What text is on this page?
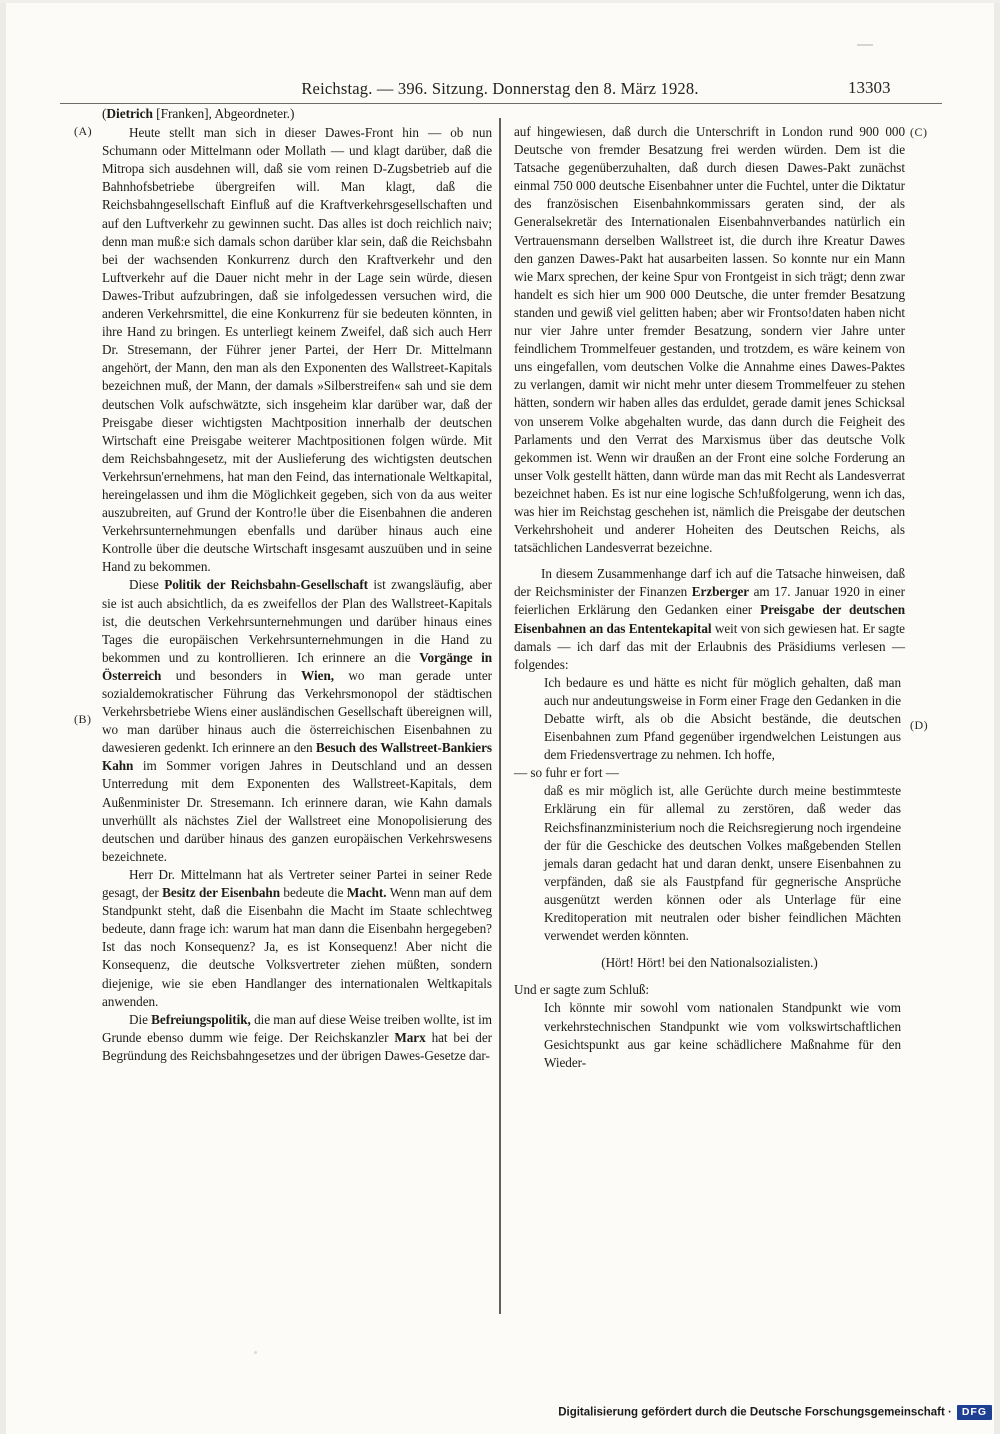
Reichstag. — 396. Sitzung. Donnerstag den 8. März 1928.	13303
(A)
(B)
(C)
(D)

(Dietrich [Franken], Abgeordneter.)

Heute stellt man sich in dieser Dawes-Front hin — ob nun Schumann oder Mittelmann oder Mollath — und klagt darüber, daß die Mitropa sich ausdehnen will, daß sie vom reinen D-Zugsbetrieb auf die Bahnhofsbetriebe übergreifen will. Man klagt, daß die Reichsbahngesellschaft Einfluß auf die Kraftverkehrsgesellschaften und auf den Luftverkehr zu gewinnen sucht. Das alles ist doch reichlich naiv; denn man muß:e sich damals schon darüber klar sein, daß die Reichsbahn bei der wachsenden Konkurrenz durch den Kraftverkehr und den Luftverkehr auf die Dauer nicht mehr in der Lage sein würde, diesen Dawes-Tribut aufzubringen, daß sie infolgedessen versuchen wird, die anderen Verkehrsmittel, die eine Konkurrenz für sie bedeuten könnten, in ihre Hand zu bringen. Es unterliegt keinem Zweifel, daß sich auch Herr Dr. Stresemann, der Führer jener Partei, der Herr Dr. Mittelmann angehört, der Mann, den man als den Exponenten des Wallstreet-Kapitals bezeichnen muß, der Mann, der damals »Silberstreifen« sah und sie dem deutschen Volk aufschwätzte, sich insgeheim klar darüber war, daß der Preisgabe dieser wichtigsten Machtposition innerhalb der deutschen Wirtschaft eine Preisgabe weiterer Machtpositionen folgen würde. Mit dem Reichsbahngesetz, mit der Auslieferung des wichtigsten deutschen Verkehrsun'ernehmens, hat man den Feind, das internationale Weltkapital, hereingelassen und ihm die Möglichkeit gegeben, sich von da aus weiter auszubreiten, auf Grund der Kontro!le über die Eisenbahnen die anderen Verkehrsunternehmungen ebenfalls und darüber hinaus auch eine Kontrolle über die deutsche Wirtschaft insgesamt auszuüben und in seine Hand zu bekommen.

Diese Politik der Reichsbahn-Gesellschaft ist zwangsläufig, aber sie ist auch absichtlich, da es zweifellos der Plan des Wallstreet-Kapitals ist, die deutschen Verkehrsunternehmungen und darüber hinaus eines Tages die europäischen Verkehrsunternehmungen in die Hand zu bekommen und zu kontrollieren. Ich erinnere an die Vorgänge in Österreich und besonders in Wien, wo man gerade unter sozialdemokratischer Führung das Verkehrsmonopol der städtischen Verkehrsbetriebe Wiens einer ausländischen Gesellschaft übereignen will, wo man darüber hinaus auch die österreichischen Eisenbahnen zu dawesieren gedenkt. Ich erinnere an den Besuch des Wallstreet-Bankiers Kahn im Sommer vorigen Jahres in Deutschland und an dessen Unterredung mit dem Exponenten des Wallstreet-Kapitals, dem Außenminister Dr. Stresemann. Ich erinnere daran, wie Kahn damals unverhüllt als nächstes Ziel der Wallstreet eine Monopolisierung des deutschen und darüber hinaus des ganzen europäischen Verkehrswesens bezeichnete.

Herr Dr. Mittelmann hat als Vertreter seiner Partei in seiner Rede gesagt, der Besitz der Eisenbahn bedeute die Macht. Wenn man auf dem Standpunkt steht, daß die Eisenbahn die Macht im Staate schlechtweg bedeute, dann frage ich: warum hat man dann die Eisenbahn hergegeben? Ist das noch Konsequenz? Ja, es ist Konsequenz! Aber nicht die Konsequenz, die deutsche Volksvertreter ziehen müßten, sondern diejenige, wie sie eben Handlanger des internationalen Weltkapitals anwenden.

Die Befreiungspolitik, die man auf diese Weise treiben wollte, ist im Grunde ebenso dumm wie feige. Der Reichskanzler Marx hat bei der Begründung des Reichsbahngesetzes und der übrigen Dawes-Gesetze dar-

auf hingewiesen, daß durch die Unterschrift in London rund 900 000 Deutsche von fremder Besatzung frei werden würden. Dem ist die Tatsache gegenüberzuhalten, daß durch diesen Dawes-Pakt zunächst einmal 750 000 deutsche Eisenbahner unter die Fuchtel, unter die Diktatur des französischen Eisenbahnkommissars geraten sind, der als Generalsekretär des Internationalen Eisenbahnverbandes natürlich ein Vertrauensmann derselben Wallstreet ist, die durch ihre Kreatur Dawes den ganzen Dawes-Pakt hat ausarbeiten lassen. So konnte nur ein Mann wie Marx sprechen, der keine Spur von Frontgeist in sich trägt; denn zwar handelt es sich hier um 900 000 Deutsche, die unter fremder Besatzung standen und gewiß viel gelitten haben; aber wir Frontso!daten haben nicht nur vier Jahre unter fremder Besatzung, sondern vier Jahre unter feindlichem Trommelfeuer gestanden, und trotzdem, es wäre keinem von uns eingefallen, vom deutschen Volke die Annahme eines Dawes-Paktes zu verlangen, damit wir nicht mehr unter diesem Trommelfeuer zu stehen hätten, sondern wir haben alles das erduldet, gerade damit jenes Schicksal von unserem Volke abgehalten wurde, das dann durch die Feigheit des Parlaments und den Verrat des Marxismus über das deutsche Volk gekommen ist. Wenn wir draußen an der Front eine solche Forderung an unser Volk gestellt hätten, dann würde man das mit Recht als Landesverrat bezeichnet haben. Es ist nur eine logische Sch!ußfolgerung, wenn ich das, was hier im Reichstag geschehen ist, nämlich die Preisgabe der deutschen Verkehrshoheit und anderer Hoheiten des Deutschen Reichs, als tatsächlichen Landesverrat bezeichne.

In diesem Zusammenhange darf ich auf die Tatsache hinweisen, daß der Reichsminister der Finanzen Erzberger am 17. Januar 1920 in einer feierlichen Erklärung den Gedanken einer Preisgabe der deutschen Eisenbahnen an das Ententekapital weit von sich gewiesen hat. Er sagte damals — ich darf das mit der Erlaubnis des Präsidiums verlesen — folgendes:

Ich bedaure es und hätte es nicht für möglich gehalten, daß man auch nur andeutungsweise in Form einer Frage den Gedanken in die Debatte wirft, als ob die Absicht bestände, die deutschen Eisenbahnen zum Pfand gegenüber irgendwelchen Leistungen aus dem Friedensvertrage zu nehmen. Ich hoffe,

— so fuhr er fort —

daß es mir möglich ist, alle Gerüchte durch meine bestimmteste Erklärung ein für allemal zu zerstören, daß weder das Reichsfinanzministerium noch die Reichsregierung noch irgendeine der für die Geschicke des deutschen Volkes maßgebenden Stellen jemals daran gedacht hat und daran denkt, unsere Eisenbahnen zu verpfänden, daß sie als Faustpfand für gegnerische Ansprüche ausgenützt werden können oder als Unterlage für eine Kreditoperation mit neutralen oder bisher feindlichen Mächten verwendet werden könnten.

(Hört! Hört! bei den Nationalsozialisten.)

Und er sagte zum Schluß:

Ich könnte mir sowohl vom nationalen Standpunkt wie vom verkehrstechnischen Standpunkt wie vom volkswirtschaftlichen Gesichtspunkt aus gar keine schädlichere Maßnahme für den Wieder-

Digitalisierung gefördert durch die Deutsche Forschungsgemeinschaft · DFG
